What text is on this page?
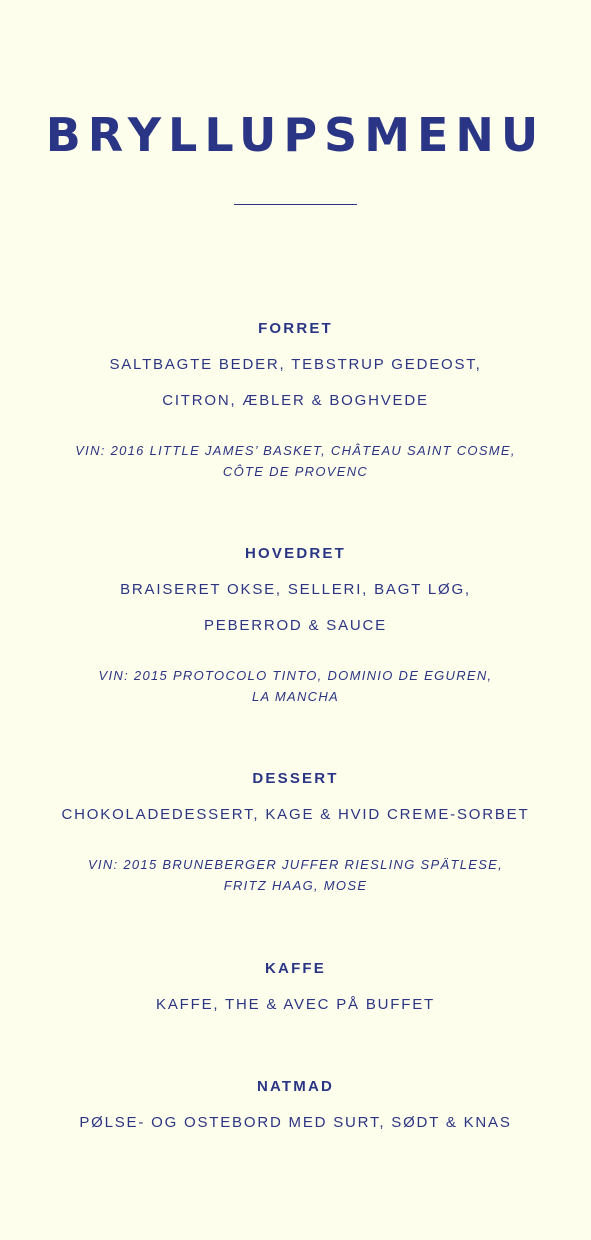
BRYLLUPSMENU
FORRET
SALTBAGTE BEDER, TEBSTRUP GEDEOST,
CITRON, ÆBLER & BOGHVEDE
VIN: 2016 LITTLE JAMES’ BASKET, CHÂTEAU SAINT COSME,
CÔTE DE PROVENC
HOVEDRET
BRAISERET OKSE, SELLERI, BAGT LØG,
PEBERROD & SAUCE
VIN: 2015 PROTOCOLO TINTO, DOMINIO DE EGUREN,
LA MANCHA
DESSERT
CHOKOLADEDESSERT, KAGE & HVID CREME-SORBET
VIN: 2015 BRUNEBERGER JUFFER RIESLING SPÄTLESE,
FRITZ HAAG, MOSE
KAFFE
KAFFE, THE & AVEC PÅ BUFFET
NATMAD
PØLSE- OG OSTEBORD MED SURT, SØDT & KNAS
